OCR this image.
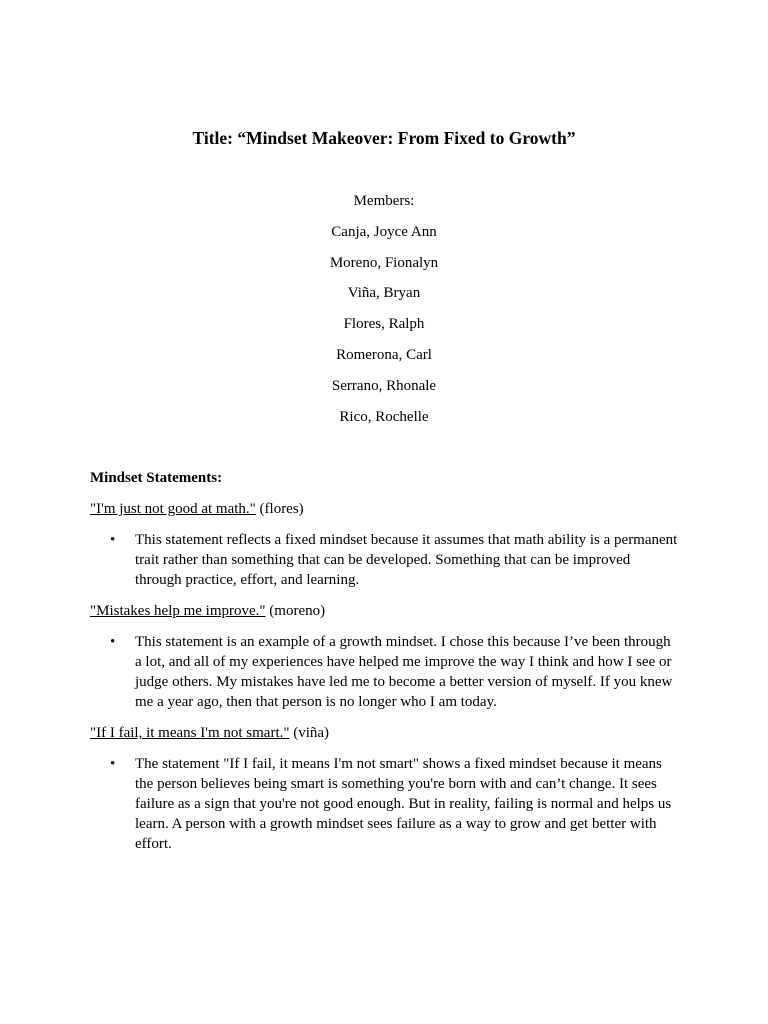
Title: “Mindset Makeover: From Fixed to Growth”

Members:

Canja, Joyce Ann

Moreno, Fionalyn

Viña, Bryan

Flores, Ralph

Romerona, Carl

Serrano, Rhonale

Rico, Rochelle

Mindset Statements:

"I'm just not good at math." (flores)

• This statement reflects a fixed mindset because it assumes that math ability is a permanent trait rather than something that can be developed. Something that can be improved through practice, effort, and learning.

"Mistakes help me improve." (moreno)

• This statement is an example of a growth mindset. I chose this because I’ve been through a lot, and all of my experiences have helped me improve the way I think and how I see or judge others. My mistakes have led me to become a better version of myself. If you knew me a year ago, then that person is no longer who I am today.

"If I fail, it means I'm not smart." (viña)

• The statement "If I fail, it means I'm not smart" shows a fixed mindset because it means the person believes being smart is something you're born with and can’t change. It sees failure as a sign that you're not good enough. But in reality, failing is normal and helps us learn. A person with a growth mindset sees failure as a way to grow and get better with effort.
